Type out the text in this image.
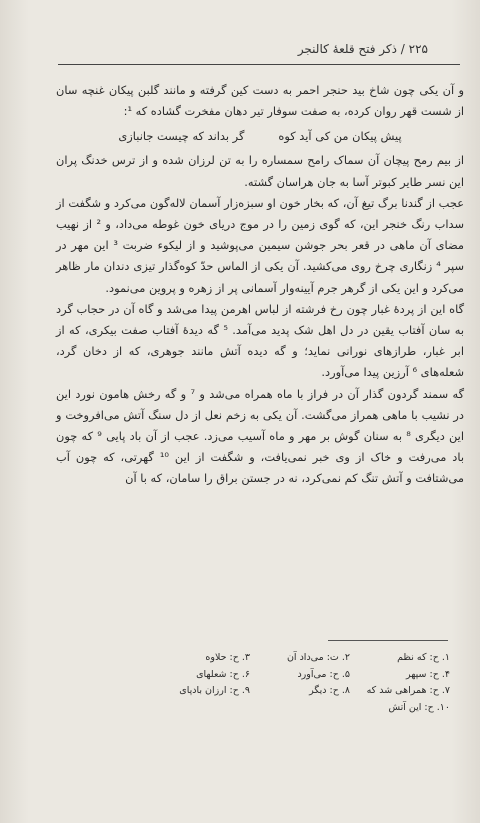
۲۲۵ / ذکر فتح قلعهٔ کالنجر

و آن یکی چون شاخ بید حنجر احمر به دست کین گرفته و مانند گلبن پیکان غنچه سان از شست قهر روان کرده، به صفت سوفار تیر دهان مفخرت گشاده که ¹:

پیش پیکان من کی آید کوه
گر بداند که چیست جانبازی

از بیم رمح پیچان آن سماک رامح سمساره را به تن لرزان شده و از ترس خدنگ پران این نسر طایر کبوتر آسا به جان هراسان گشته.

عجب از گندنا برگ تیغ آن، که بخار خون او سبزه‌زار آسمان لاله‌گون می‌کرد و شگفت از سداب رنگ خنجر این، که گوی زمین را در موج دریای خون غوطه می‌داد، و ² از نهیب مضای آن ماهی در قعر بحر جوشن سیمین می‌پوشید و از لیکوء ضربت ³ این مهر در سپر ⁴ زنگاری چرخ روی می‌کشید. آن یکی از الماس حدّ کوه‌گذار تیزی دندان مار ظاهر می‌کرد و این یکی از گرهر جرم آیینه‌وار آسمانی پر از زهره و پروین می‌نمود.

گاه این از پردهٔ غبار چون رخ فرشته از لباس اهرمن پیدا می‌شد و گاه آن در حجاب گرد به سان آفتاب یقین در دل اهل شک پدید می‌آمد. ⁵ گه دیدهٔ آفتاب صفت بیکری، که از ابر غبار، طراز‌های نورانی نماید؛ و گه دیده آتش مانند جوهری، که از دخان گرد، شعله‌های ⁶ آرزین پیدا می‌آورد.

گه سمند گردون گذار آن در فراز با ماه همراه می‌شد و ⁷ و گه رخش هامون نورد این در نشیب با ماهی همراز می‌گشت. آن یکی به زخم نعل از دل سنگ آتش می‌افروخت و این دیگری ⁸ به سنان گوش بر مهر و ماه آسیب می‌زد. عجب از آن باد پایی ⁹ که چون باد می‌رفت و خاک از وی خبر نمی‌یافت، و شگفت از این ¹⁰ گهرتی، که چون آب می‌شتافت و آتش تنگ کم نمی‌کرد، نه در جستن براق را سامان، که با آن

۱. ح: که نظم
۲. ت: می‌داد آن
۳. ح: حلاوه
۴. ح: سپهر
۵. ح: می‌آورد
۶. ح: شعلهای
۷. ح: همراهی شد که
۸. ح: دیگر
۹. ح: ارزان بادپای
۱۰. ح: این آتش
